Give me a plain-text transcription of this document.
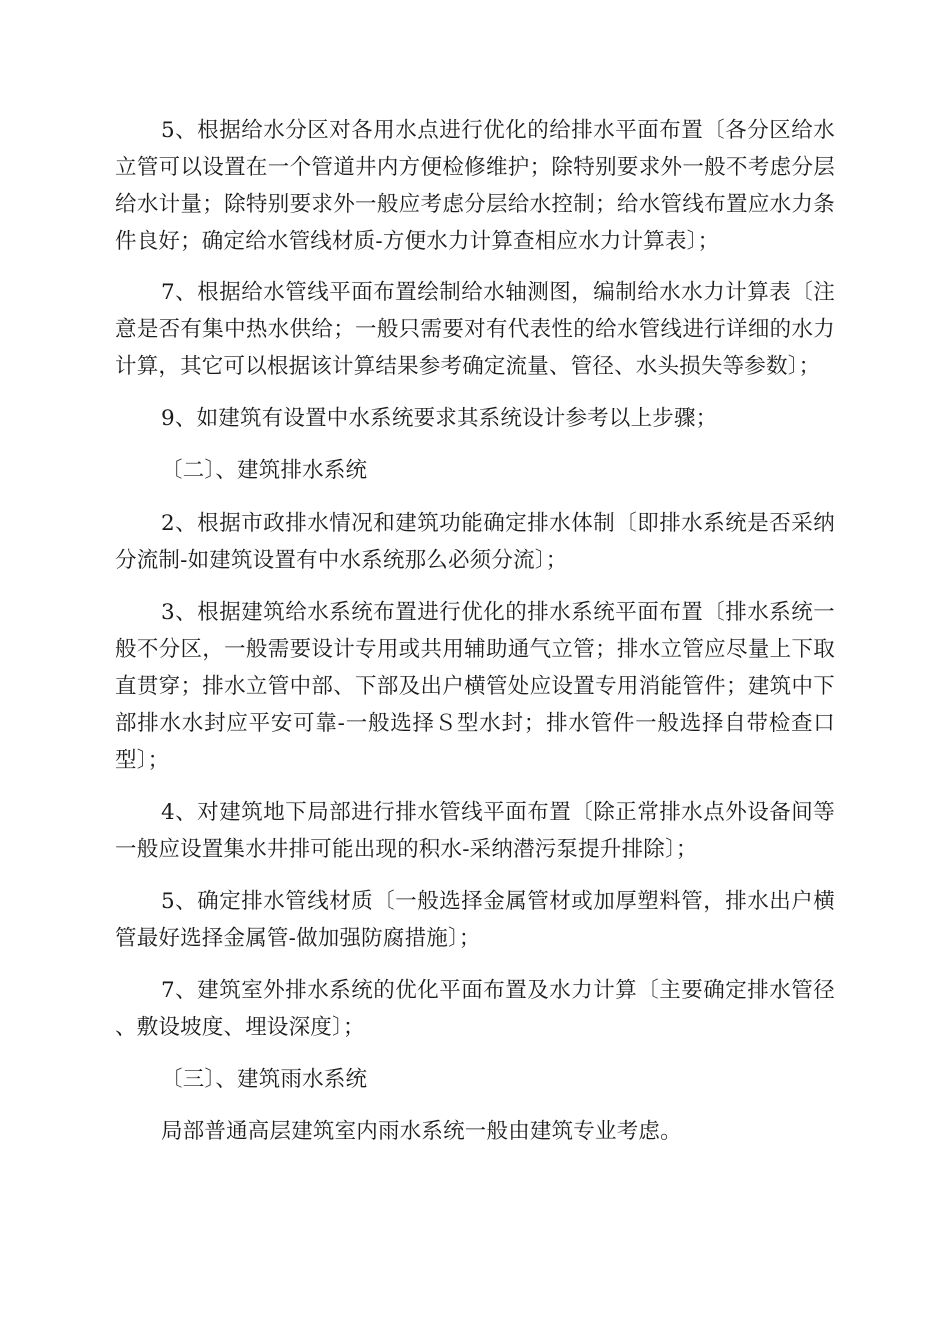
5、根据给水分区对各用水点进行优化的给排水平面布置〔各分区给水立管可以设置在一个管道井内方便检修维护；除特别要求外一般不考虑分层给水计量；除特别要求外一般应考虑分层给水控制；给水管线布置应水力条件良好；确定给水管线材质-方便水力计算查相应水力计算表〕；

7、根据给水管线平面布置绘制给水轴测图，编制给水水力计算表〔注意是否有集中热水供给；一般只需要对有代表性的给水管线进行详细的水力计算，其它可以根据该计算结果参考确定流量、管径、水头损失等参数〕；

9、如建筑有设置中水系统要求其系统设计参考以上步骤；

〔二〕、建筑排水系统

2、根据市政排水情况和建筑功能确定排水体制〔即排水系统是否采纳分流制-如建筑设置有中水系统那么必须分流〕；

3、根据建筑给水系统布置进行优化的排水系统平面布置〔排水系统一般不分区，一般需要设计专用或共用辅助通气立管；排水立管应尽量上下取直贯穿；排水立管中部、下部及出户横管处应设置专用消能管件；建筑中下部排水水封应平安可靠-一般选择Ｓ型水封；排水管件一般选择自带检查口型〕；

4、对建筑地下局部进行排水管线平面布置〔除正常排水点外设备间等一般应设置集水井排可能出现的积水-采纳潜污泵提升排除〕；

5、确定排水管线材质〔一般选择金属管材或加厚塑料管，排水出户横管最好选择金属管-做加强防腐措施〕；

7、建筑室外排水系统的优化平面布置及水力计算〔主要确定排水管径、敷设坡度、埋设深度〕；

〔三〕、建筑雨水系统

局部普通高层建筑室内雨水系统一般由建筑专业考虑。
